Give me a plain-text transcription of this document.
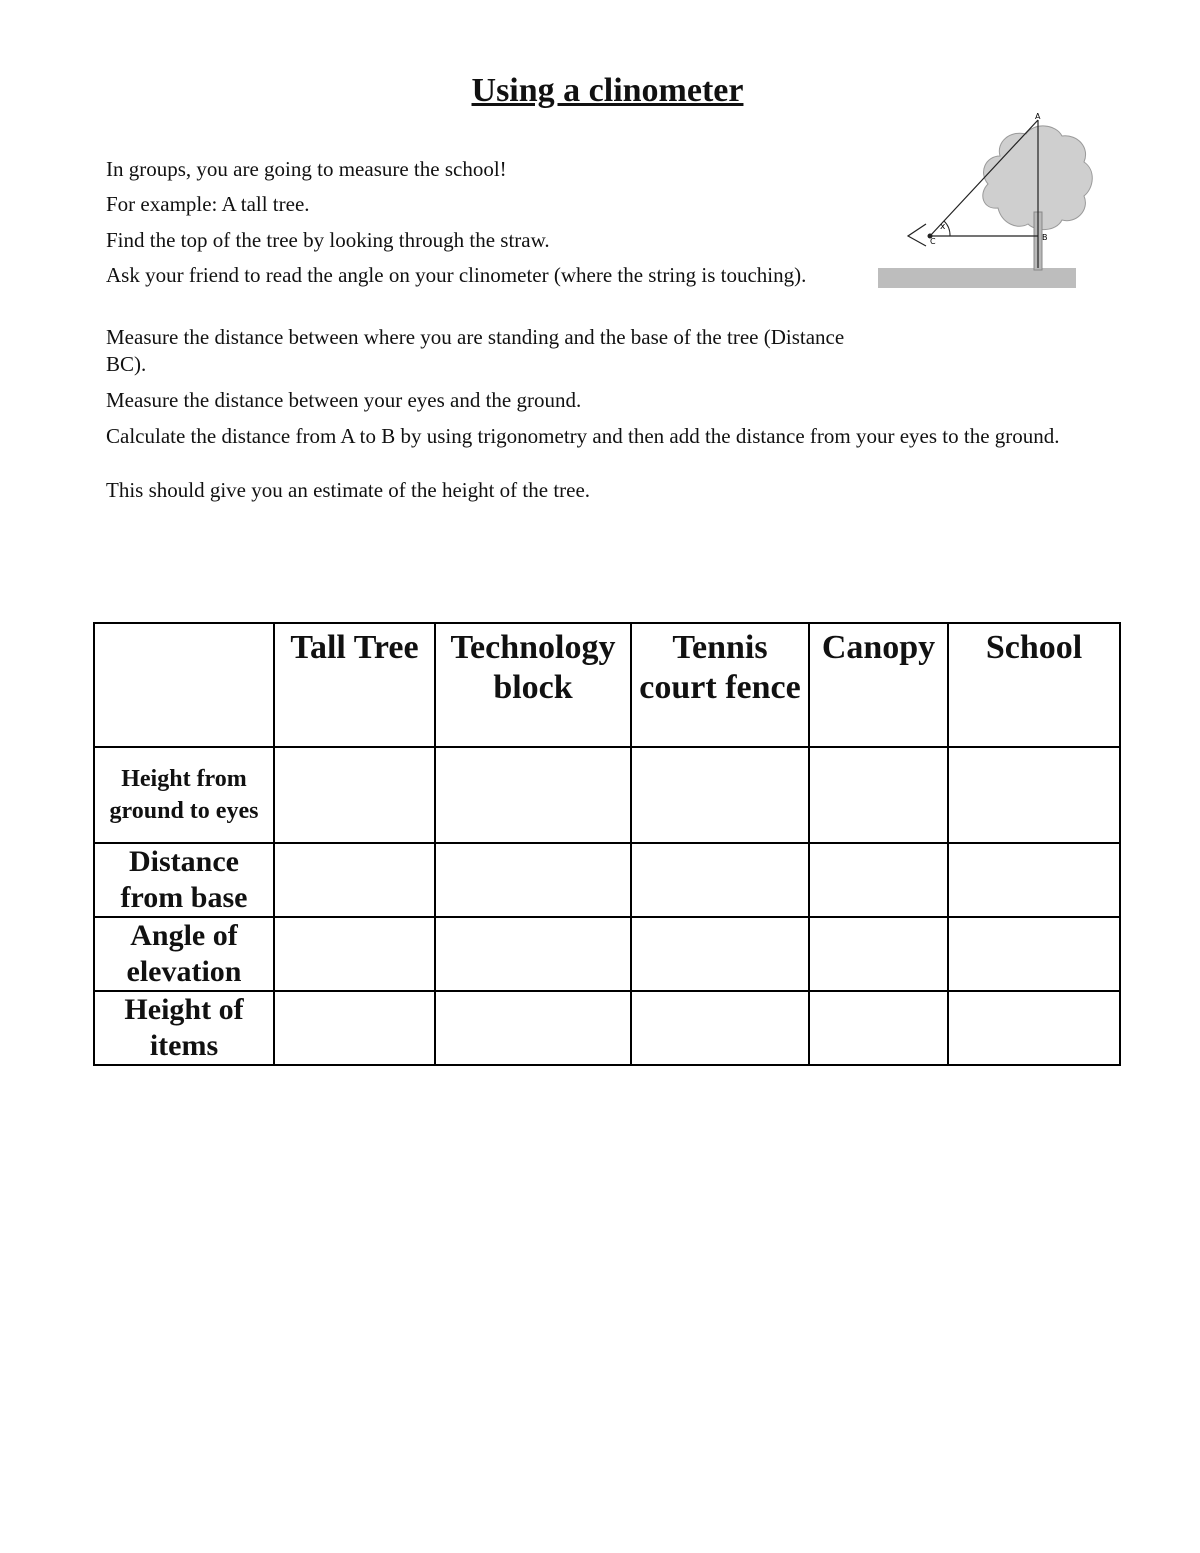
Using a clinometer

In groups, you are going to measure the school!

For example: A tall tree.

Find the top of the tree by looking through the straw.

Ask your friend to read the angle on your clinometer (where the string is touching).

Measure the distance between where you are standing and the base of the tree (Distance BC).

Measure the distance between your eyes and the ground.

Calculate the distance from A to B by using trigonometry and then add the distance from your eyes to the ground.

This should give you an estimate of the height of the tree.

x
A
B
C
	Tall Tree	Technology block	Tennis court fence	Canopy	School
Height from ground to eyes					
Distance from base					
Angle of elevation					
Height of items					
